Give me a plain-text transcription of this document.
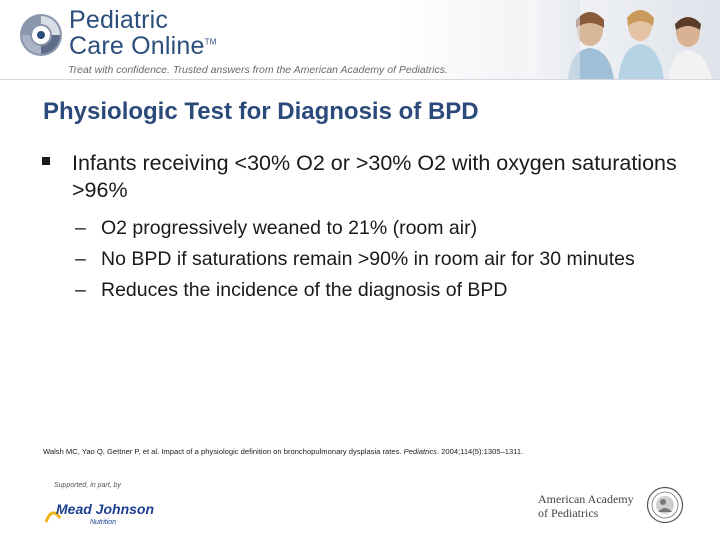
Pediatric
Care Online™
Treat with confidence. Trusted answers from the American Academy of Pediatrics.
Physiologic Test for Diagnosis of BPD
Infants receiving <30% O2 or >30% O2 with oxygen saturations >96%
– O2 progressively weaned to 21% (room air)
– No BPD if saturations remain >90% in room air for 30 minutes
– Reduces the incidence of the diagnosis of BPD
Walsh MC, Yao Q, Gettner P, et al. Impact of a physiologic definition on bronchopulmonary dysplasia rates. Pediatrics. 2004;114(5):1305–1311.
Supported, in part, by
Mead Johnson
Nutrition
American Academy
of Pediatrics
